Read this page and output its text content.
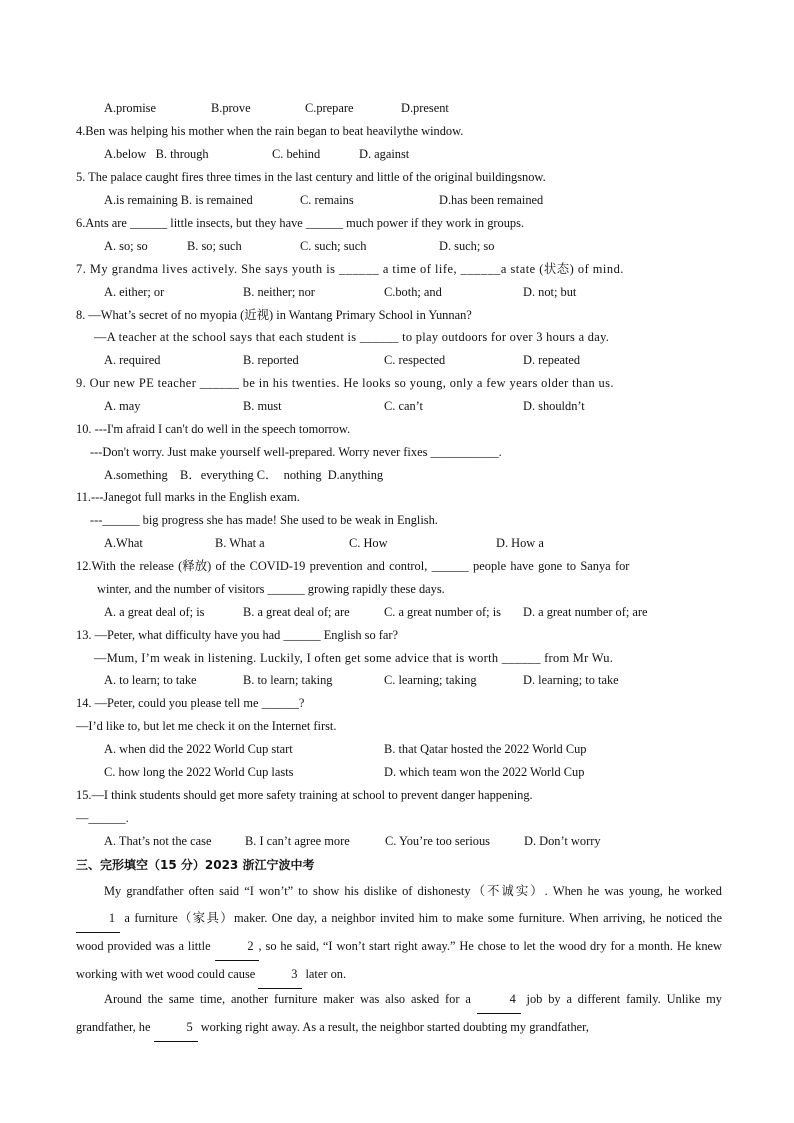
A.promise	B.prove	C.prepare	D.present
4.Ben was helping his mother when the rain began to beat heavilythe window.
A.below   B. through	C. behind	D. against
5. The palace caught fires three times in the last century and little of the original buildingsnow.
A.is remaining B. is remained	C. remains	D.has been remained
6.Ants are ______ little insects, but they have ______ much power if they work in groups.
A. so; so	B. so; such	C. such; such	D. such; so
7. My grandma lives actively. She says youth is ______ a time of life, ______a state (状态) of mind.
A. either; or	B. neither; nor	C.both; and	D. not; but
8. —What’s secret of no myopia (近视) in Wantang Primary School in Yunnan?
—A teacher at the school says that each student is ______ to play outdoors for over 3 hours a day.
A. required	B. reported	C. respected	D. repeated
9. Our new PE teacher ______ be in his twenties. He looks so young, only a few years older than us.
A. may	B. must	C. can’t	D. shouldn’t
10. ---I'm afraid I can't do well in the speech tomorrow.
---Don't worry. Just make yourself well-prepared. Worry never fixes ___________.
A.something    B．everything C．  nothing  D.anything
11.---Janegot full marks in the English exam.
---______ big progress she has made! She used to be weak in English.
A.What	B. What a	C. How	D. How a
12.With the release (释放) of the COVID-19 prevention and control, ______ people have gone to Sanya for
winter, and the number of visitors ______ growing rapidly these days.
A. a great deal of; is	B. a great deal of; are	C. a great number of; is D. a great number of; are
13. —Peter, what difficulty have you had ______ English so far?
—Mum, I’m weak in listening. Luckily, I often get some advice that is worth ______ from Mr Wu.
A. to learn; to take	B. to learn; taking	C. learning; taking	D. learning; to take
14. —Peter, could you please tell me ______?
—I’d like to, but let me check it on the Internet first.
A. when did the 2022 World Cup start	B. that Qatar hosted the 2022 World Cup
C. how long the 2022 World Cup lasts	D. which team won the 2022 World Cup
15.—I think students should get more safety training at school to prevent danger happening.
—______.
A. That’s not the case	B. I can’t agree more	C. You’re too serious	D. Don’t worry
三、完形填空（15 分）2023 浙江宁波中考
My grandfather often said “I won’t” to show his dislike of dishonesty（不诚实）. When he was young, he worked 1 a furniture（家具）maker. One day, a neighbor invited him to make some furniture. When arriving, he noticed the wood provided was a little	2 , so he said, “I won’t start right away.” He chose to let the wood dry for a month. He knew working with wet wood could cause	3 later on.
Around the same time, another furniture maker was also asked for a	4 job by a different family. Unlike my grandfather, he	5 working right away. As a result, the neighbor started doubting my grandfather,
